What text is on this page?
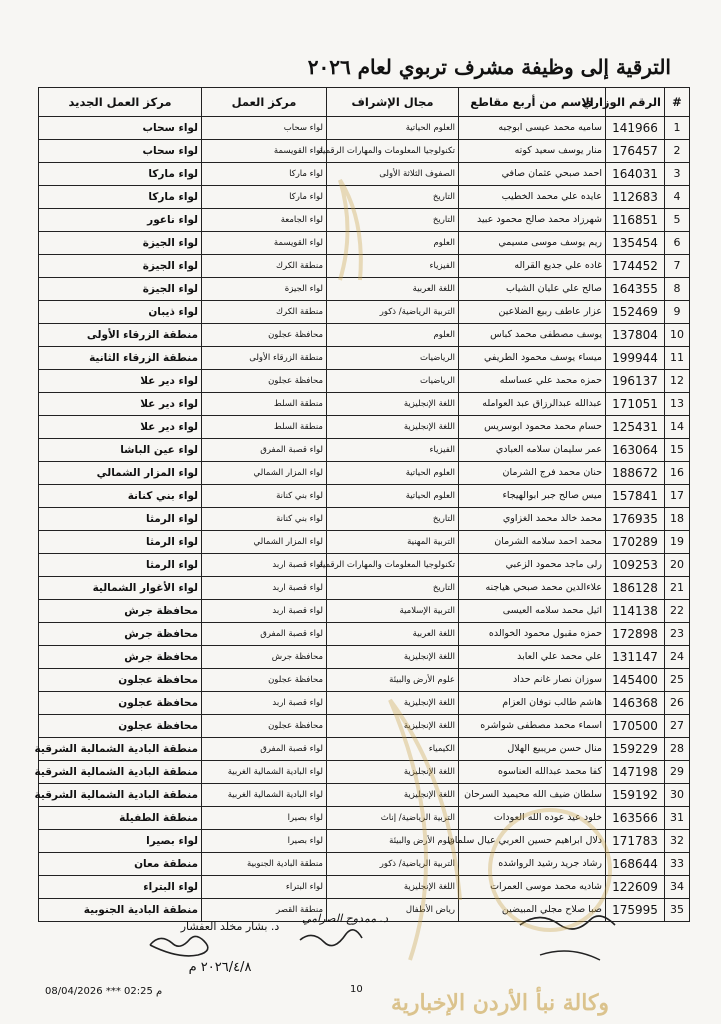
الترقية إلى وظيفة مشرف تربوي لعام ٢٠٢٦
#	الرقم الوزاري	الاسم من أربع مقاطع	مجال الإشراف	مركز العمل	مركز العمل الجديد
1	141966	ساميه محمد عيسى ابوجبه	العلوم الحياتية	لواء سحاب	لواء سحاب
2	176457	منار يوسف سعيد كوته	تكنولوجيا المعلومات والمهارات الرقمية	لواء القويسمة	لواء سحاب
3	164031	احمد صبحي عثمان صافي	الصفوف الثلاثة الأولى	لواء ماركا	لواء ماركا
4	112683	عايده علي محمد الخطيب	التاريخ	لواء ماركا	لواء ماركا
5	116851	شهرزاد محمد صالح محمود عبيد	التاريخ	لواء الجامعة	لواء ناعور
6	135454	ريم يوسف موسى مسيمي	العلوم	لواء القويسمة	لواء الجيزة
7	174452	غاده علي جديع القراله	الفيزياء	منطقة الكرك	لواء الجيزة
8	164355	صالح علي عليان الشياب	اللغة العربية	لواء الجيزة	لواء الجيزة
9	152469	عزار عاطف ربيع الضلاعين	التربية الرياضية/ ذكور	منطقة الكرك	لواء ذيبان
10	137804	يوسف مصطفى محمد كباس	العلوم	محافظة عجلون	منطقة الزرقاء الأولى
11	199944	ميساء يوسف محمود الطريفي	الرياضيات	منطقة الزرقاء الأولى	منطقة الزرقاء الثانية
12	196137	حمزه محمد علي عساسله	الرياضيات	محافظة عجلون	لواء دير علا
13	171051	عبدالله عبدالرزاق عبد العوامله	اللغة الإنجليزية	منطقة السلط	لواء دير علا
14	125431	حسام محمد محمود ابوسريس	اللغة الإنجليزية	منطقة السلط	لواء دير علا
15	163064	عمر سليمان سلامه العبادي	الفيزياء	لواء قصبة المفرق	لواء عين الباشا
16	188672	حنان محمد فرج الشرمان	العلوم الحياتية	لواء المزار الشمالي	لواء المزار الشمالي
17	157841	ميس صالح جبر ابوالهيجاء	العلوم الحياتية	لواء بني كنانة	لواء بني كنانة
18	176935	محمد خالد محمد الغزاوي	التاريخ	لواء بني كنانة	لواء الرمثا
19	170289	محمد احمد سلامه الشرمان	التربية المهنية	لواء المزار الشمالي	لواء الرمثا
20	109253	رلى ماجد محمود الزعبي	تكنولوجيا المعلومات والمهارات الرقمية	لواء قصبة اربد	لواء الرمثا
21	186128	علاءالدين محمد صبحي هياجنه	التاريخ	لواء قصبة اربد	لواء الأغوار الشمالية
22	114138	اثيل محمد سلامه العيسى	التربية الإسلامية	لواء قصبة اربد	محافظة جرش
23	172898	حمزه مقبول محمود الخوالده	اللغة العربية	لواء قصبة المفرق	محافظة جرش
24	131147	علي محمد علي العابد	اللغة الإنجليزية	محافظة جرش	محافظة جرش
25	145400	سوزان نصار غانم حداد	علوم الأرض والبيئة	محافظة عجلون	محافظة عجلون
26	146368	هاشم طالب نوفان العزام	اللغة الإنجليزية	لواء قصبة اربد	محافظة عجلون
27	170500	اسماء محمد مصطفى شواشره	اللغة الإنجليزية	محافظة عجلون	محافظة عجلون
28	159229	منال حسن مريبيع الهلال	الكيمياء	لواء قصبة المفرق	منطقة البادية الشمالية الشرقية
29	147198	كفا محمد عبدالله العناسوه	اللغة الإنجليزية	لواء البادية الشمالية الغربية	منطقة البادية الشمالية الشرقية
30	159192	سلطان ضيف الله محيميد السرحان	اللغة الإنجليزية	لواء البادية الشمالية الغربية	منطقة البادية الشمالية الشرقية
31	163566	خلود عيد عوده الله العودات	التربية الرياضية/ إناث	لواء بصيرا	منطقة الطفيلة
32	171783	دلال ابراهيم حسين العربي عيال سلمان	علوم الأرض والبيئة	لواء بصيرا	لواء بصيرا
33	168644	رشاد جريد رشيد الرواشده	التربية الرياضية/ ذكور	منطقة البادية الجنوبية	منطقة معان
34	122609	شاديه محمد موسى العمرات	اللغة الإنجليزية	لواء البتراء	لواء البتراء
35	175995	صبا صلاح مجلي المبيضين	رياض الأطفال	منطقة القصر	منطقة البادية الجنوبية
د. بشار مخلد العفشار
د. ممدوح الصرامي
٢٠٢٦/٤/٨ م
08/04/2026 *** 02:25 م	10
وكالة نبأ الأردن الإخبارية
